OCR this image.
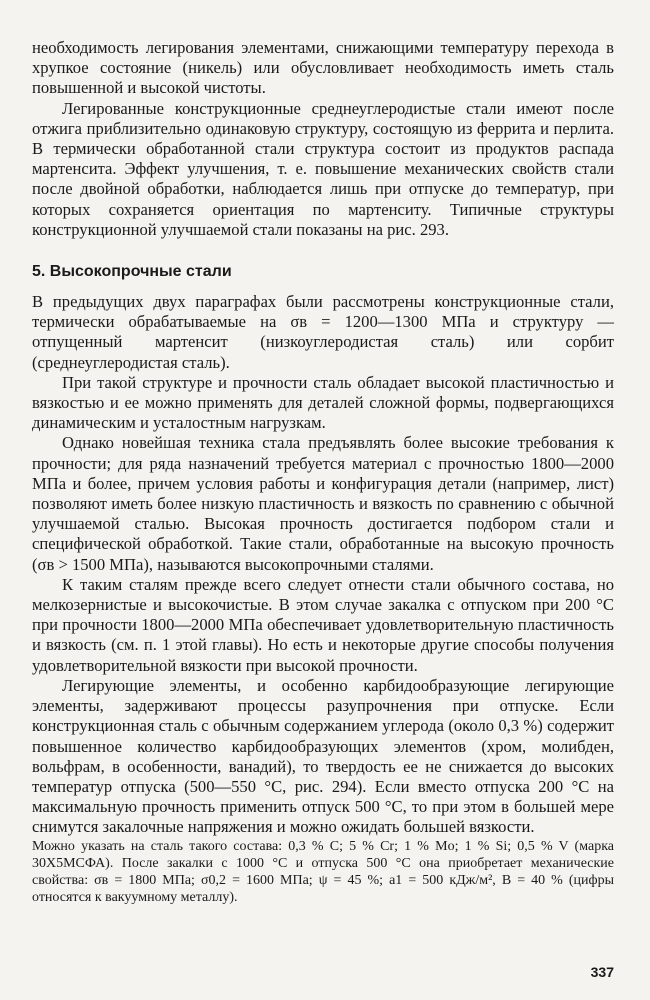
необходимость легирования элементами, снижающими температуру перехода в хрупкое состояние (никель) или обусловливает необходимость иметь сталь повышенной и высокой чистоты.

Легированные конструкционные среднеуглеродистые стали имеют после отжига приблизительно одинаковую структуру, состоящую из феррита и перлита. В термически обработанной стали структура состоит из продуктов распада мартенсита. Эффект улучшения, т. е. повышение механических свойств стали после двойной обработки, наблюдается лишь при отпуске до температур, при которых сохраняется ориентация по мартенситу. Типичные структуры конструкционной улучшаемой стали показаны на рис. 293.

5. Высокопрочные стали

В предыдущих двух параграфах были рассмотрены конструкционные стали, термически обрабатываемые на σв = 1200—1300 МПа и структуру — отпущенный мартенсит (низкоуглеродистая сталь) или сорбит (среднеуглеродистая сталь).

При такой структуре и прочности сталь обладает высокой пластичностью и вязкостью и ее можно применять для деталей сложной формы, подвергающихся динамическим и усталостным нагрузкам.

Однако новейшая техника стала предъявлять более высокие требования к прочности; для ряда назначений требуется материал с прочностью 1800—2000 МПа и более, причем условия работы и конфигурация детали (например, лист) позволяют иметь более низкую пластичность и вязкость по сравнению с обычной улучшаемой сталью. Высокая прочность достигается подбором стали и специфической обработкой. Такие стали, обработанные на высокую прочность (σв > 1500 МПа), называются высокопрочными сталями.

К таким сталям прежде всего следует отнести стали обычного состава, но мелкозернистые и высокочистые. В этом случае закалка с отпуском при 200 °С при прочности 1800—2000 МПа обеспечивает удовлетворительную пластичность и вязкость (см. п. 1 этой главы). Но есть и некоторые другие способы получения удовлетворительной вязкости при высокой прочности.

Легирующие элементы, и особенно карбидообразующие легирующие элементы, задерживают процессы разупрочнения при отпуске. Если конструкционная сталь с обычным содержанием углерода (около 0,3 %) содержит повышенное количество карбидообразующих элементов (хром, молибден, вольфрам, в особенности, ванадий), то твердость ее не снижается до высоких температур отпуска (500—550 °С, рис. 294). Если вместо отпуска 200 °С на максимальную прочность применить отпуск 500 °С, то при этом в большей мере снимутся закалочные напряжения и можно ожидать большей вязкости.

Можно указать на сталь такого состава: 0,3 % С; 5 % Cr; 1 % Mo; 1 % Si; 0,5 % V (марка 30Х5МСФА). После закалки с 1000 °С и отпуска 500 °С она приобретает механические свойства: σв = 1800 МПа; σ0,2 = 1600 МПа; ψ = 45 %; a1 = 500 кДж/м², В = 40 % (цифры относятся к вакуумному металлу).

337
